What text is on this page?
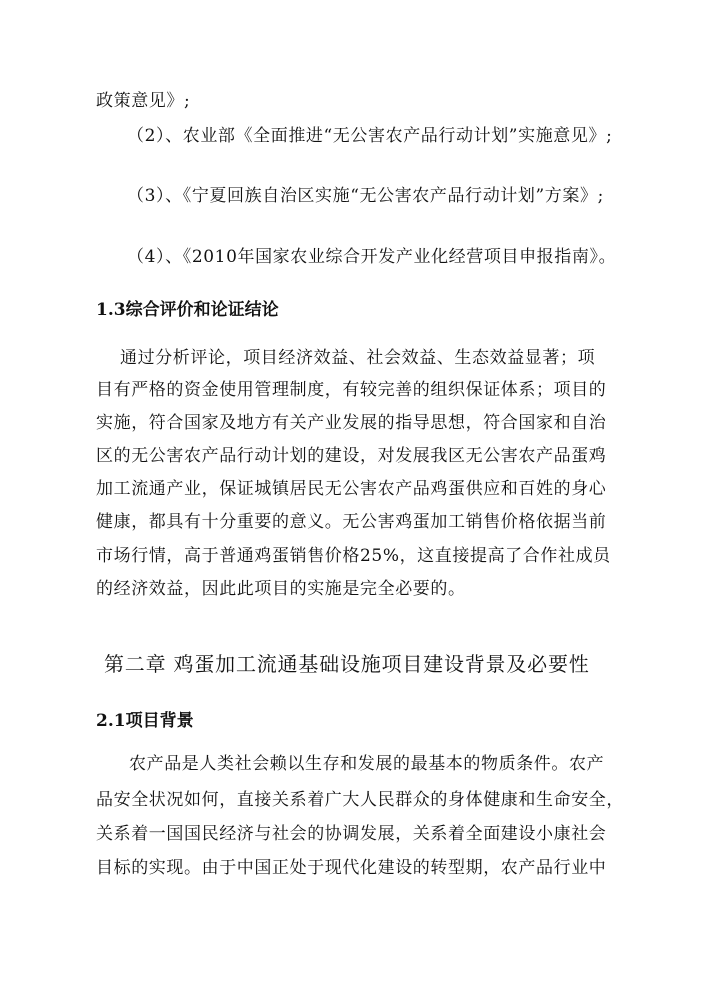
政策意见》;
（2）、农业部《全面推进“无公害农产品行动计划”实施意见》;
（3）、《宁夏回族自治区实施“无公害农产品行动计划”方案》;
（4）、《2010年国家农业综合开发产业化经营项目申报指南》。
1.3综合评价和论证结论
通过分析评论，项目经济效益、社会效益、生态效益显著；项
目有严格的资金使用管理制度，有较完善的组织保证体系；项目的
实施，符合国家及地方有关产业发展的指导思想，符合国家和自治
区的无公害农产品行动计划的建设，对发展我区无公害农产品蛋鸡
加工流通产业，保证城镇居民无公害农产品鸡蛋供应和百姓的身心
健康，都具有十分重要的意义。无公害鸡蛋加工销售价格依据当前
市场行情，高于普通鸡蛋销售价格25%，这直接提高了合作社成员
的经济效益，因此此项目的实施是完全必要的。
第二章 鸡蛋加工流通基础设施项目建设背景及必要性
2.1项目背景
农产品是人类社会赖以生存和发展的最基本的物质条件。农产
品安全状况如何，直接关系着广大人民群众的身体健康和生命安全，
关系着一国国民经济与社会的协调发展，关系着全面建设小康社会
目标的实现。由于中国正处于现代化建设的转型期，农产品行业中
